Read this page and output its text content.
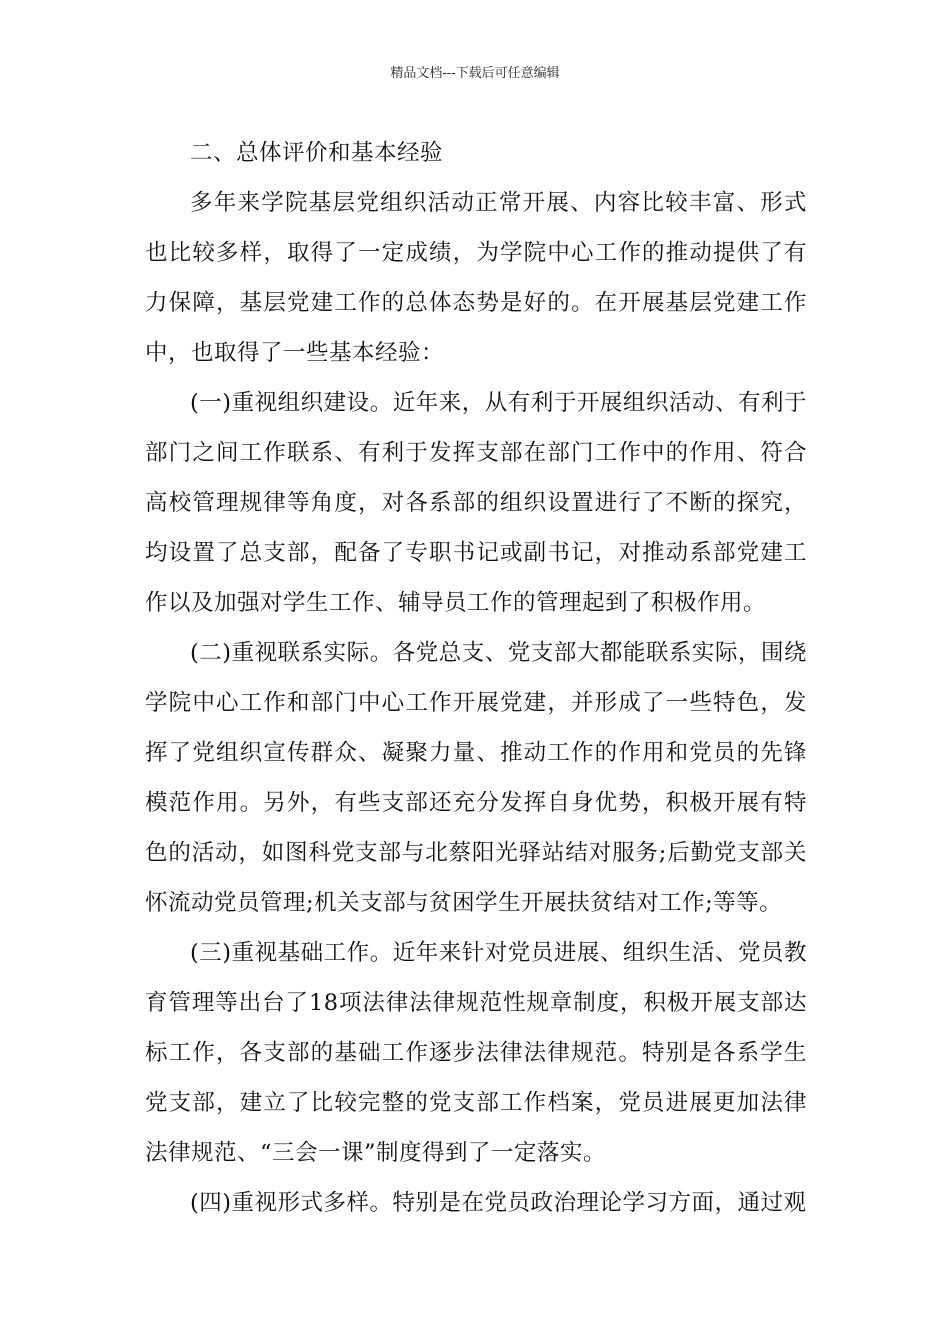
精品文档---下载后可任意编辑

二、总体评价和基本经验

多年来学院基层党组织活动正常开展、内容比较丰富、形式也比较多样，取得了一定成绩，为学院中心工作的推动提供了有力保障，基层党建工作的总体态势是好的。在开展基层党建工作中，也取得了一些基本经验：

(一)重视组织建设。近年来，从有利于开展组织活动、有利于部门之间工作联系、有利于发挥支部在部门工作中的作用、符合高校管理规律等角度，对各系部的组织设置进行了不断的探究，均设置了总支部，配备了专职书记或副书记，对推动系部党建工作以及加强对学生工作、辅导员工作的管理起到了积极作用。

(二)重视联系实际。各党总支、党支部大都能联系实际，围绕学院中心工作和部门中心工作开展党建，并形成了一些特色，发挥了党组织宣传群众、凝聚力量、推动工作的作用和党员的先锋模范作用。另外，有些支部还充分发挥自身优势，积极开展有特色的活动，如图科党支部与北蔡阳光驿站结对服务;后勤党支部关怀流动党员管理;机关支部与贫困学生开展扶贫结对工作;等等。

(三)重视基础工作。近年来针对党员进展、组织生活、党员教育管理等出台了18项法律法律规范性规章制度，积极开展支部达标工作，各支部的基础工作逐步法律法律规范。特别是各系学生党支部，建立了比较完整的党支部工作档案，党员进展更加法律法律规范、“三会一课”制度得到了一定落实。

(四)重视形式多样。特别是在党员政治理论学习方面，通过观
